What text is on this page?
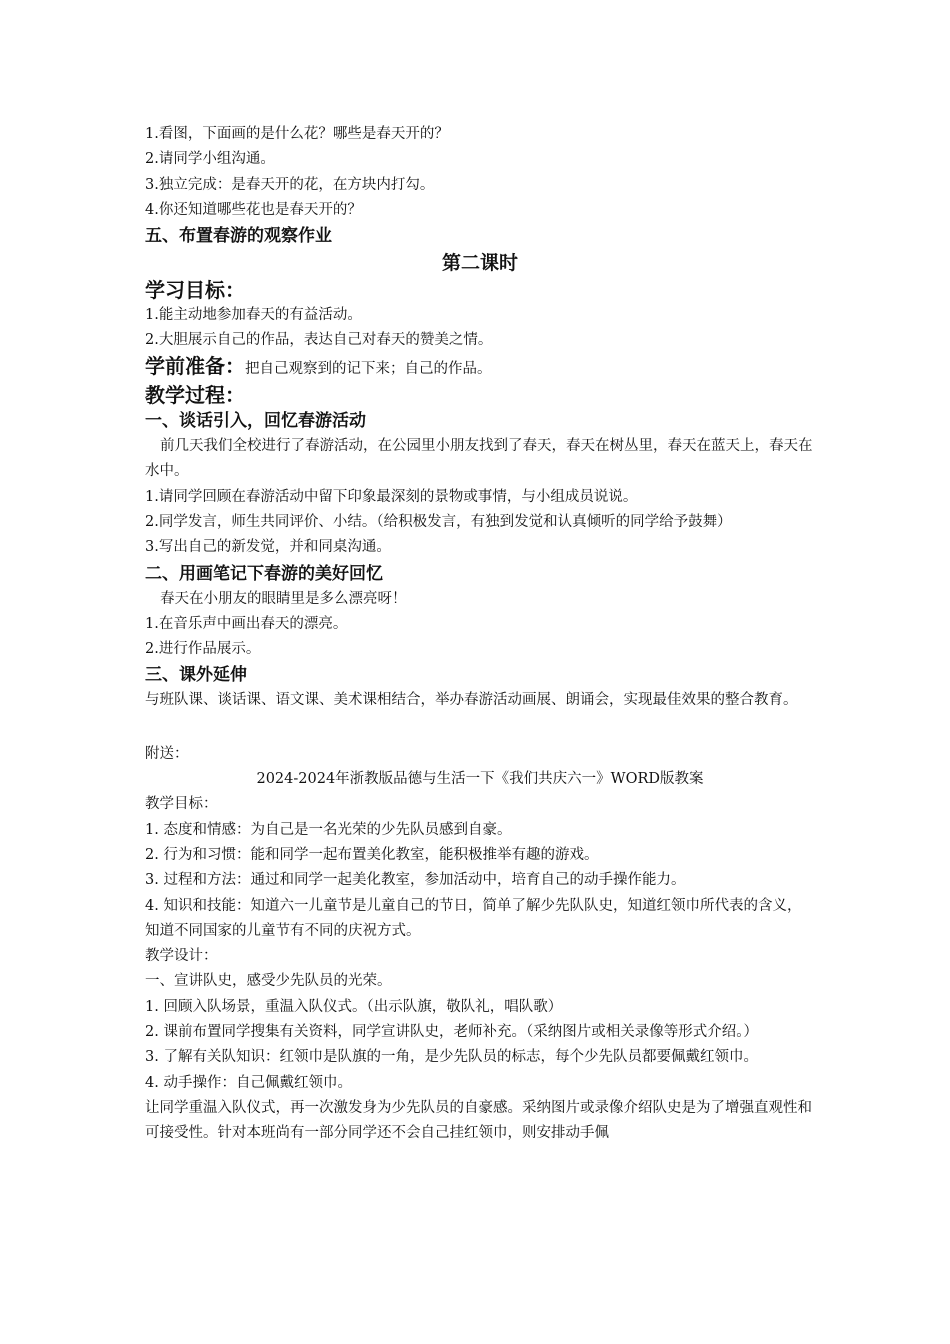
1.看图，下面画的是什么花？哪些是春天开的？

2.请同学小组沟通。

3.独立完成：是春天开的花，在方块内打勾。

4.你还知道哪些花也是春天开的？

五、布置春游的观察作业

第二课时

学习目标：

1.能主动地参加春天的有益活动。

2.大胆展示自己的作品，表达自己对春天的赞美之情。

学前准备：把自己观察到的记下来；自己的作品。

教学过程：

一、谈话引入，回忆春游活动

前几天我们全校进行了春游活动，在公园里小朋友找到了春天，春天在树丛里，春天在蓝天上，春天在水中。

1.请同学回顾在春游活动中留下印象最深刻的景物或事情，与小组成员说说。

2.同学发言，师生共同评价、小结。（给积极发言，有独到发觉和认真倾听的同学给予鼓舞）

3.写出自己的新发觉，并和同桌沟通。

二、用画笔记下春游的美好回忆

春天在小朋友的眼睛里是多么漂亮呀！

1.在音乐声中画出春天的漂亮。

2.进行作品展示。

三、课外延伸

与班队课、谈话课、语文课、美术课相结合，举办春游活动画展、朗诵会，实现最佳效果的整合教育。

附送：

2024-2024年浙教版品德与生活一下《我们共庆六一》WORD版教案

教学目标：

1. 态度和情感：为自己是一名光荣的少先队员感到自豪。

2. 行为和习惯：能和同学一起布置美化教室，能积极推举有趣的游戏。

3. 过程和方法：通过和同学一起美化教室，参加活动中，培育自己的动手操作能力。

4. 知识和技能：知道六一儿童节是儿童自己的节日，简单了解少先队队史，知道红领巾所代表的含义，知道不同国家的儿童节有不同的庆祝方式。

教学设计：

一、宣讲队史，感受少先队员的光荣。

1. 回顾入队场景，重温入队仪式。（出示队旗，敬队礼，唱队歌）

2. 课前布置同学搜集有关资料，同学宣讲队史，老师补充。（采纳图片或相关录像等形式介绍。）

3. 了解有关队知识：红领巾是队旗的一角，是少先队员的标志，每个少先队员都要佩戴红领巾。

4. 动手操作：自己佩戴红领巾。

让同学重温入队仪式，再一次激发身为少先队员的自豪感。采纳图片或录像介绍队史是为了增强直观性和可接受性。针对本班尚有一部分同学还不会自己挂红领巾，则安排动手佩
